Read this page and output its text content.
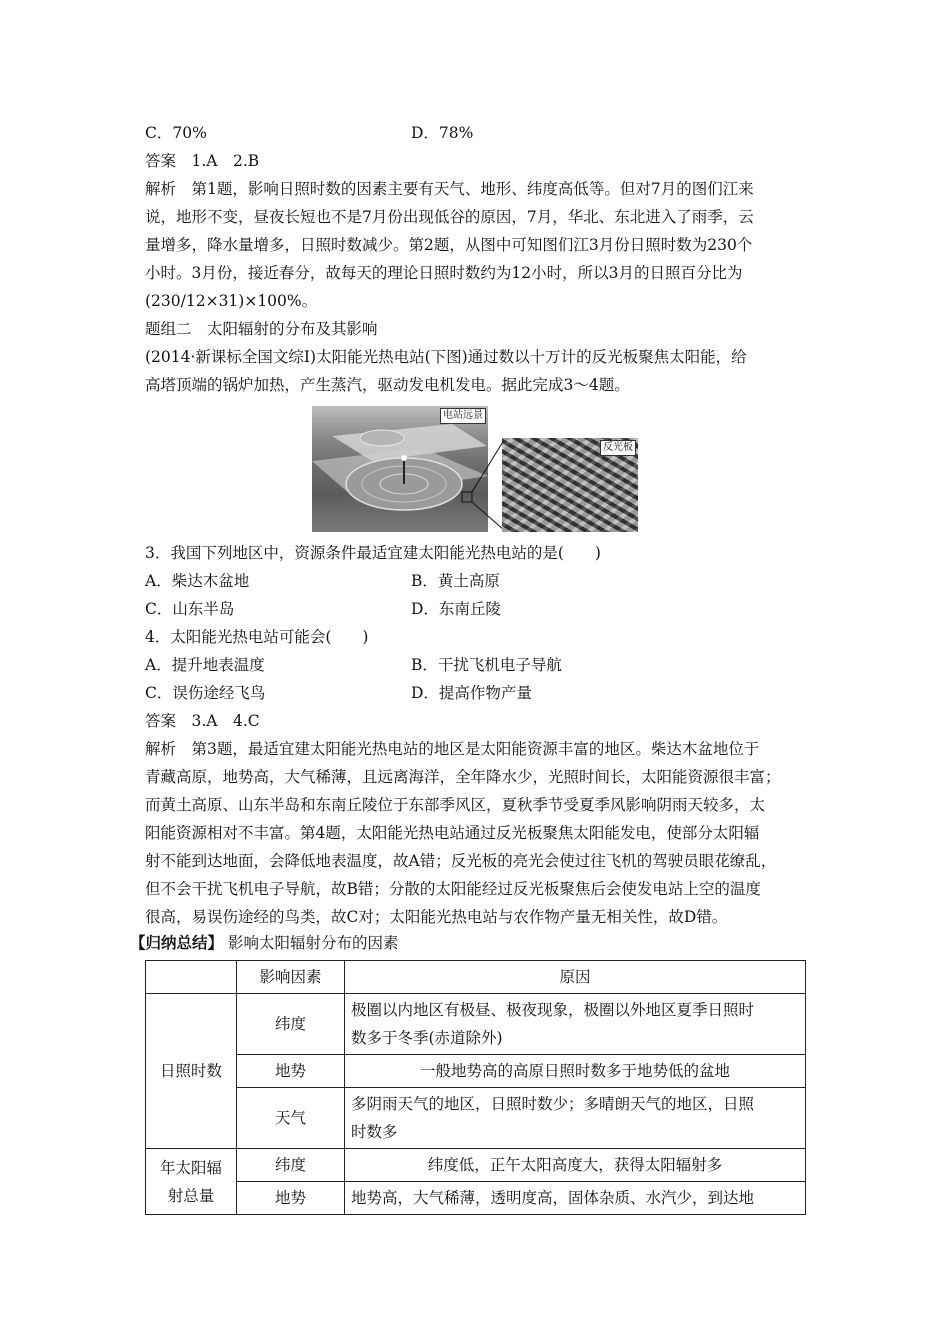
C．70%	D．78%
答案　1.A　2.B
解析　第1题，影响日照时数的因素主要有天气、地形、纬度高低等。但对7月的图们江来
说，地形不变，昼夜长短也不是7月份出现低谷的原因，7月，华北、东北进入了雨季，云
量增多，降水量增多，日照时数减少。第2题，从图中可知图们江3月份日照时数为230个
小时。3月份，接近春分，故每天的理论日照时数约为12小时，所以3月的日照百分比为
(230/12×31)×100%。
题组二　太阳辐射的分布及其影响
(2014·新课标全国文综Ⅰ)太阳能光热电站(下图)通过数以十万计的反光板聚焦太阳能，给
高塔顶端的锅炉加热，产生蒸汽，驱动发电机发电。据此完成3～4题。
电站远景
反光板
3．我国下列地区中，资源条件最适宜建太阳能光热电站的是(　　)
A．柴达木盆地	B．黄土高原
C．山东半岛	D．东南丘陵
4．太阳能光热电站可能会(　　)
A．提升地表温度	B．干扰飞机电子导航
C．误伤途经飞鸟	D．提高作物产量
答案　3.A　4.C
解析　第3题，最适宜建太阳能光热电站的地区是太阳能资源丰富的地区。柴达木盆地位于
青藏高原，地势高，大气稀薄，且远离海洋，全年降水少，光照时间长，太阳能资源很丰富；
而黄土高原、山东半岛和东南丘陵位于东部季风区，夏秋季节受夏季风影响阴雨天较多，太
阳能资源相对不丰富。第4题，太阳能光热电站通过反光板聚焦太阳能发电，使部分太阳辐
射不能到达地面，会降低地表温度，故A错；反光板的亮光会使过往飞机的驾驶员眼花缭乱，
但不会干扰飞机电子导航，故B错；分散的太阳能经过反光板聚焦后会使发电站上空的温度
很高，易误伤途经的鸟类，故C对；太阳能光热电站与农作物产量无相关性，故D错。
【归纳总结】 影响太阳辐射分布的因素
	影响因素	原因
日照时数	纬度	极圈以内地区有极昼、极夜现象，极圈以外地区夏季日照时
数多于冬季(赤道除外)

	地势	一般地势高的高原日照时数多于地势低的盆地
	天气	多阴雨天气的地区，日照时数少；多晴朗天气的地区，日照
时数多

年太阳辐
射总量	纬度	纬度低，正午太阳高度大，获得太阳辐射多
	地势	地势高，大气稀薄，透明度高，固体杂质、水汽少，到达地
